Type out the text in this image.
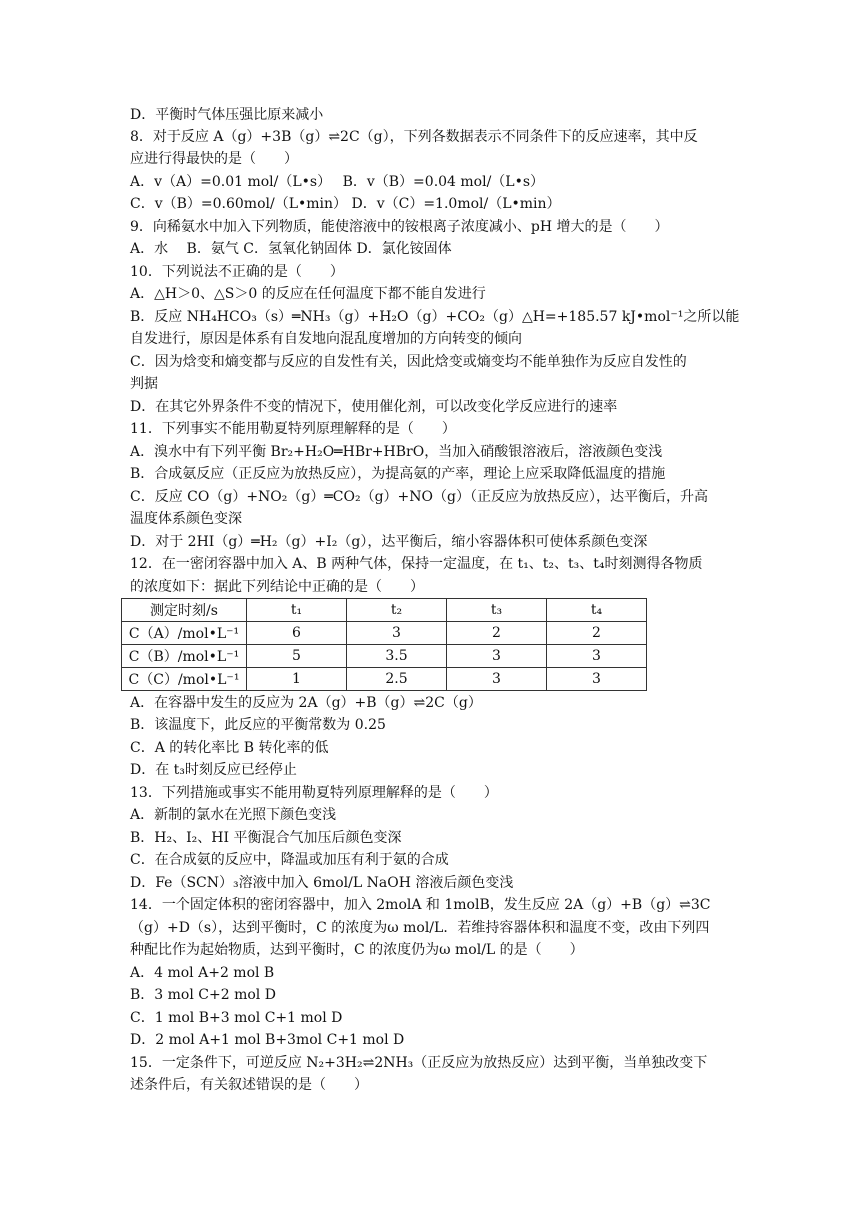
D．平衡时气体压强比原来减小
8．对于反应 A（g）+3B（g）⇌2C（g），下列各数据表示不同条件下的反应速率，其中反
应进行得最快的是（　　）
A．v（A）=0.01 mol/（L•s）　 B．v（B）=0.04 mol/（L•s）
C．v（B）=0.60mol/（L•min） D．v（C）=1.0mol/（L•min）
9．向稀氨水中加入下列物质，能使溶液中的铵根离子浓度减小、pH 增大的是（　　）
A．水　 B．氨气 C．氢氧化钠固体 D．氯化铵固体
10．下列说法不正确的是（　　）
A．△H＞0、△S＞0 的反应在任何温度下都不能自发进行
B．反应 NH₄HCO₃（s）═NH₃（g）+H₂O（g）+CO₂（g）△H=+185.57 kJ•mol⁻¹之所以能
自发进行，原因是体系有自发地向混乱度增加的方向转变的倾向
C．因为焓变和熵变都与反应的自发性有关，因此焓变或熵变均不能单独作为反应自发性的
判据
D．在其它外界条件不变的情况下，使用催化剂，可以改变化学反应进行的速率
11．下列事实不能用勒夏特列原理解释的是（　　）
A．溴水中有下列平衡 Br₂+H₂O═HBr+HBrO，当加入硝酸银溶液后，溶液颜色变浅
B．合成氨反应（正反应为放热反应），为提高氨的产率，理论上应采取降低温度的措施
C．反应 CO（g）+NO₂（g）═CO₂（g）+NO（g）（正反应为放热反应），达平衡后，升高
温度体系颜色变深
D．对于 2HI（g）═H₂（g）+I₂（g），达平衡后，缩小容器体积可使体系颜色变深
12．在一密闭容器中加入 A、B 两种气体，保持一定温度，在 t₁、t₂、t₃、t₄时刻测得各物质
的浓度如下：据此下列结论中正确的是（　　）
测定时刻/s	t₁	t₂	t₃	t₄
C（A）/mol•L⁻¹	6	3	2	2
C（B）/mol•L⁻¹	5	3.5	3	3
C（C）/mol•L⁻¹	1	2.5	3	3
A．在容器中发生的反应为 2A（g）+B（g）⇌2C（g）
B．该温度下，此反应的平衡常数为 0.25
C．A 的转化率比 B 转化率的低
D．在 t₃时刻反应已经停止
13．下列措施或事实不能用勒夏特列原理解释的是（　　）
A．新制的氯水在光照下颜色变浅
B．H₂、I₂、HI 平衡混合气加压后颜色变深
C．在合成氨的反应中，降温或加压有利于氨的合成
D．Fe（SCN）₃溶液中加入 6mol/L NaOH 溶液后颜色变浅
14．一个固定体积的密闭容器中，加入 2molA 和 1molB，发生反应 2A（g）+B（g）⇌3C
（g）+D（s），达到平衡时，C 的浓度为ω mol/L．若维持容器体积和温度不变，改由下列四
种配比作为起始物质，达到平衡时，C 的浓度仍为ω mol/L 的是（　　）
A．4 mol A+2 mol B
B．3 mol C+2 mol D
C．1 mol B+3 mol C+1 mol D
D．2 mol A+1 mol B+3mol C+1 mol D
15．一定条件下，可逆反应 N₂+3H₂⇌2NH₃（正反应为放热反应）达到平衡，当单独改变下
述条件后，有关叙述错误的是（　　）
